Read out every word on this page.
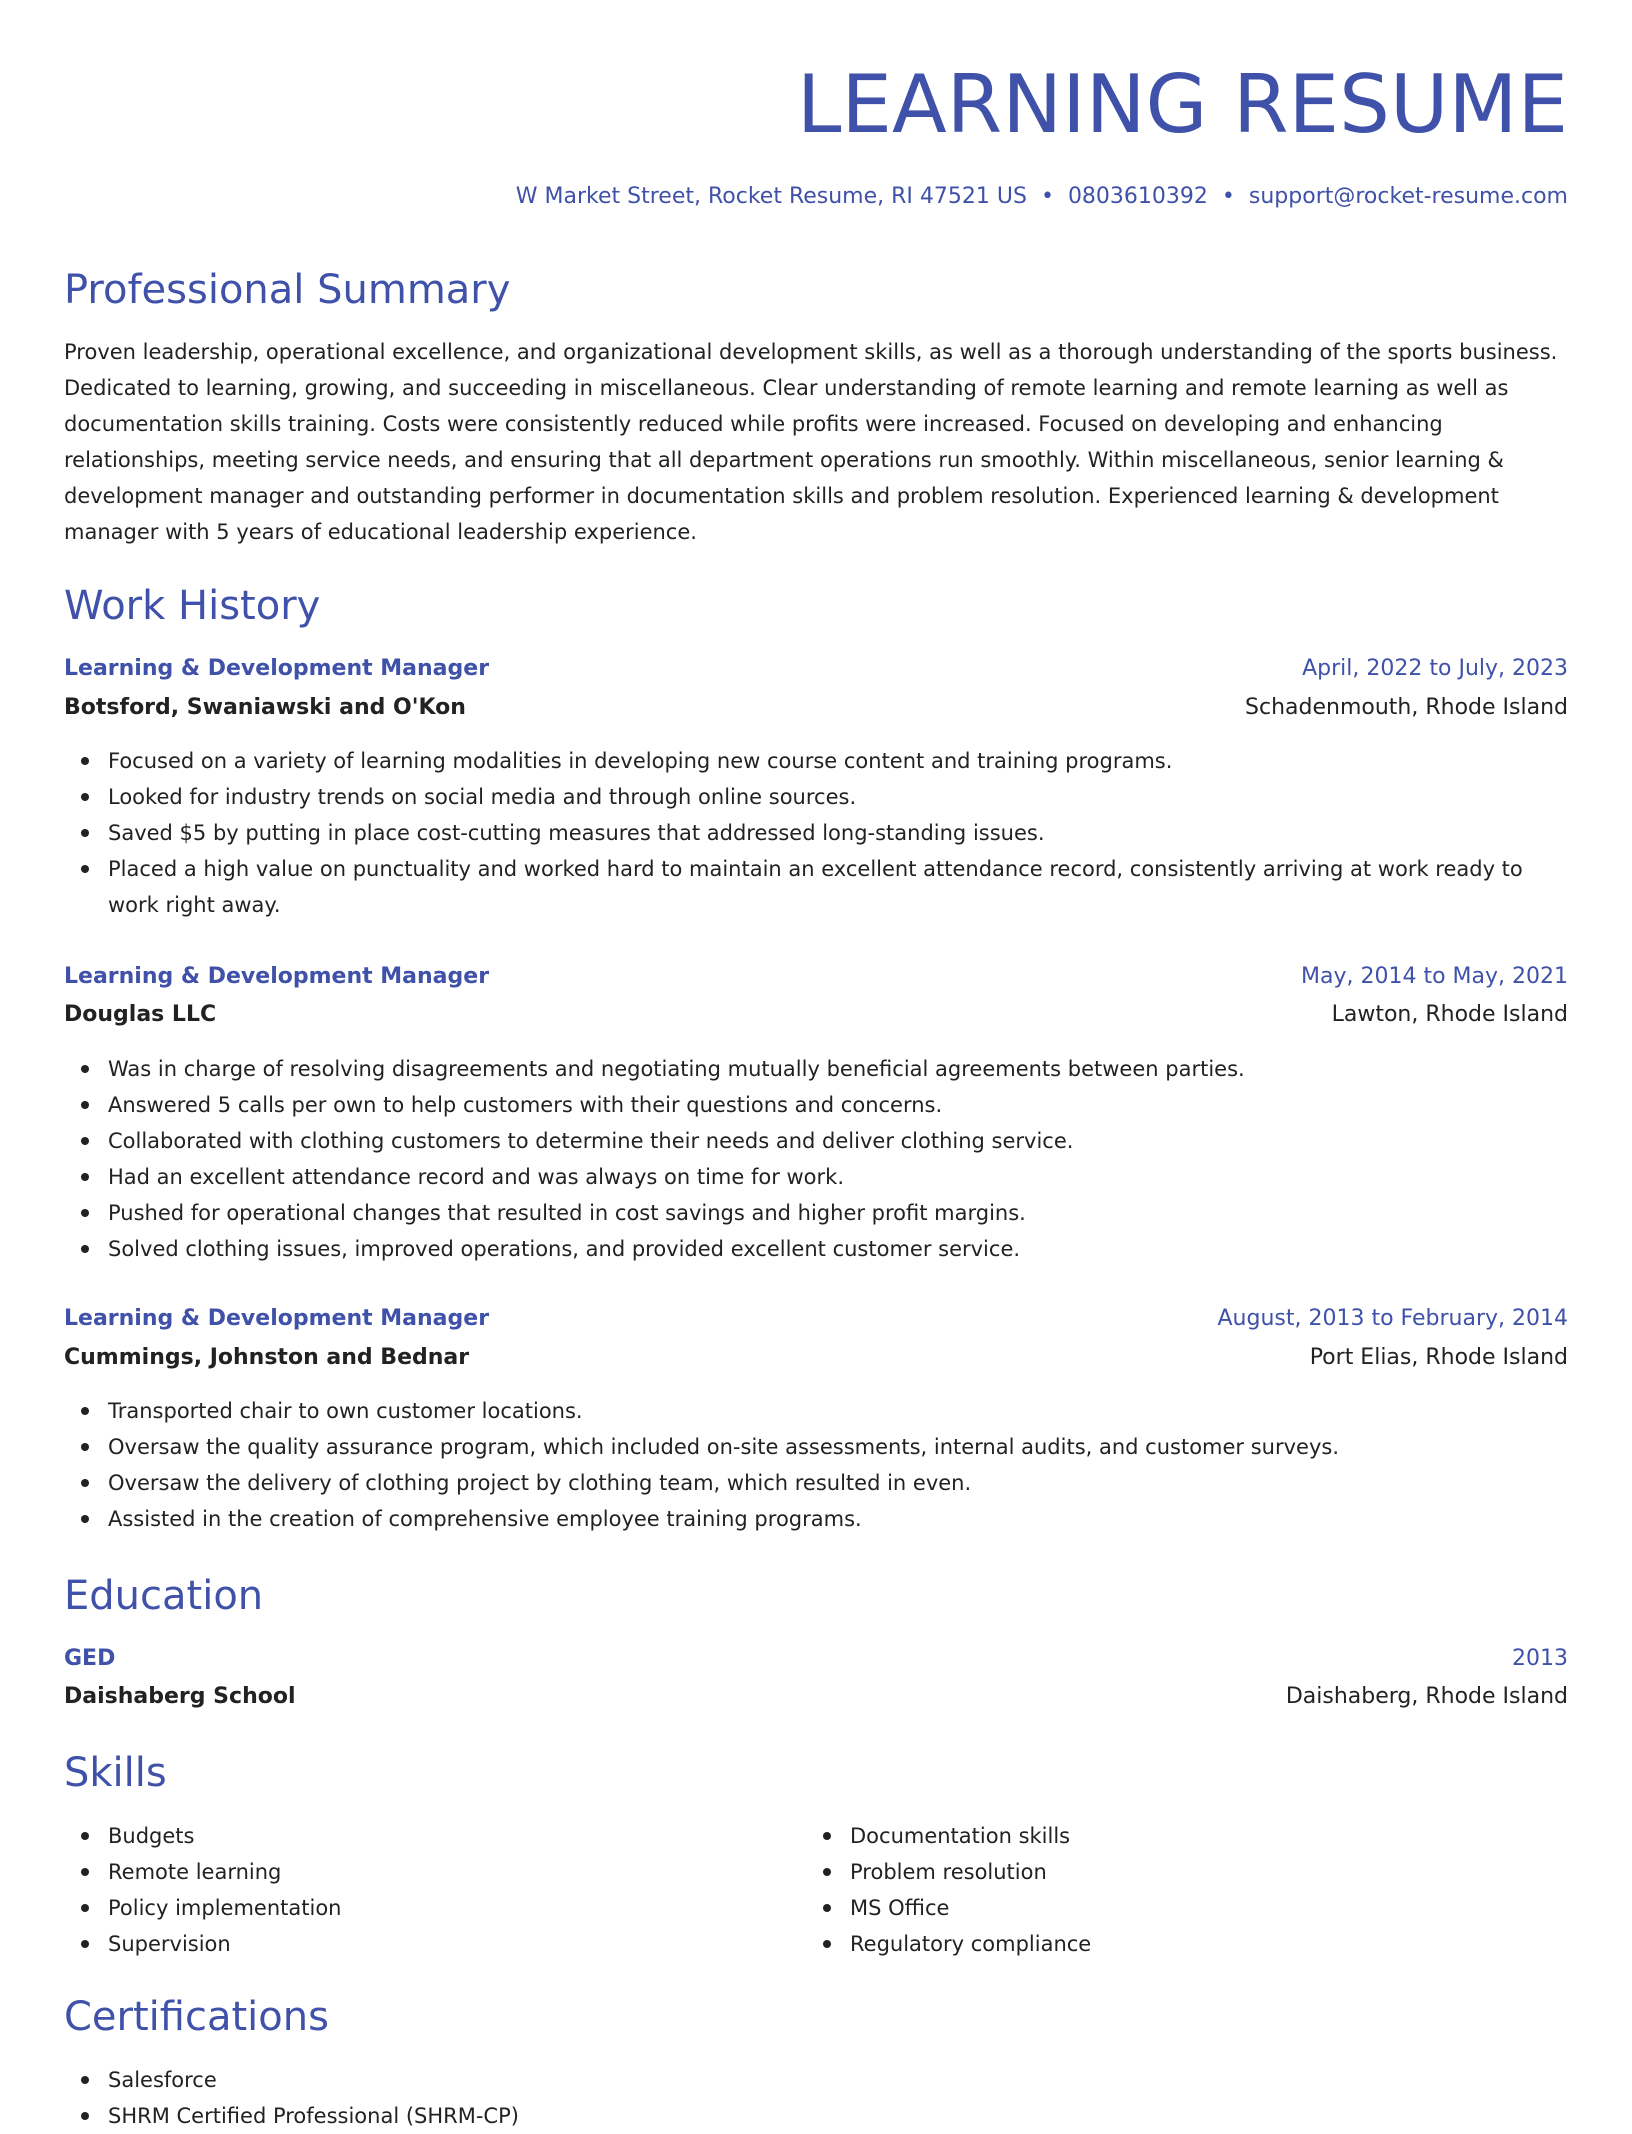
LEARNING RESUME
W Market Street, Rocket Resume, RI 47521 US • 0803610392 • support@rocket-resume.com
Professional Summary

Proven leadership, operational excellence, and organizational development skills, as well as a thorough understanding of the sports business. Dedicated to learning, growing, and succeeding in miscellaneous. Clear understanding of remote learning and remote learning as well as documentation skills training. Costs were consistently reduced while profits were increased. Focused on developing and enhancing relationships, meeting service needs, and ensuring that all department operations run smoothly. Within miscellaneous, senior learning & development manager and outstanding performer in documentation skills and problem resolution. Experienced learning & development manager with 5 years of educational leadership experience.

Work History
Learning & Development Manager	April, 2022 to July, 2023
Botsford, Swaniawski and O'Kon	Schadenmouth, Rhode Island
Focused on a variety of learning modalities in developing new course content and training programs.
Looked for industry trends on social media and through online sources.
Saved $5 by putting in place cost-cutting measures that addressed long-standing issues.
Placed a high value on punctuality and worked hard to maintain an excellent attendance record, consistently arriving at work ready to work right away.
Learning & Development Manager	May, 2014 to May, 2021
Douglas LLC	Lawton, Rhode Island
Was in charge of resolving disagreements and negotiating mutually beneficial agreements between parties.
Answered 5 calls per own to help customers with their questions and concerns.
Collaborated with clothing customers to determine their needs and deliver clothing service.
Had an excellent attendance record and was always on time for work.
Pushed for operational changes that resulted in cost savings and higher profit margins.
Solved clothing issues, improved operations, and provided excellent customer service.
Learning & Development Manager	August, 2013 to February, 2014
Cummings, Johnston and Bednar	Port Elias, Rhode Island
Transported chair to own customer locations.
Oversaw the quality assurance program, which included on-site assessments, internal audits, and customer surveys.
Oversaw the delivery of clothing project by clothing team, which resulted in even.
Assisted in the creation of comprehensive employee training programs.
Education
GED	2013
Daishaberg School	Daishaberg, Rhode Island
Skills
Budgets
Remote learning
Policy implementation
Supervision
Documentation skills
Problem resolution
MS Office
Regulatory compliance
Certifications
Salesforce
SHRM Certified Professional (SHRM-CP)
